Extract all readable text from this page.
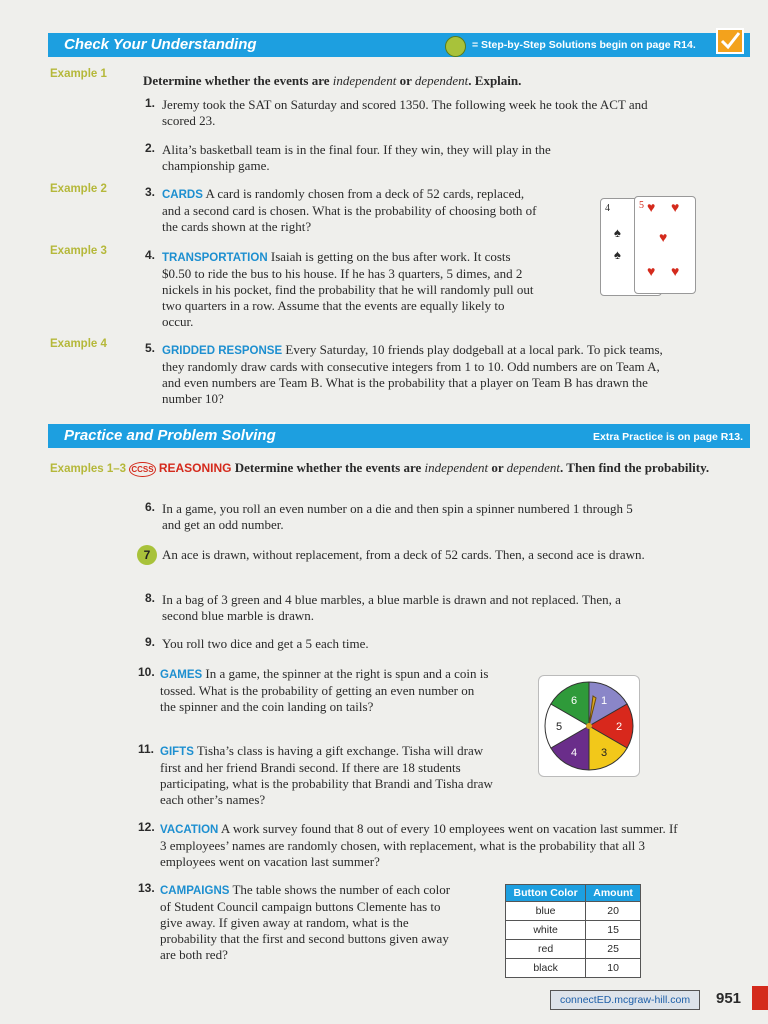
Check Your Understanding	= Step-by-Step Solutions begin on page R14.
Example 1	Determine whether the events are independent or dependent. Explain.
1. Jeremy took the SAT on Saturday and scored 1350. The following week he took the ACT and scored 23.
2. Alita’s basketball team is in the final four. If they win, they will play in the championship game.
Example 2	3. CARDS A card is randomly chosen from a deck of 52 cards, replaced, and a second card is chosen. What is the probability of choosing both of the cards shown at the right?
4
♠
♠
5 ♥ ♥
♥
♥ ♥
Example 3	4. TRANSPORTATION Isaiah is getting on the bus after work. It costs $0.50 to ride the bus to his house. If he has 3 quarters, 5 dimes, and 2 nickels in his pocket, find the probability that he will randomly pull out two quarters in a row. Assume that the events are equally likely to occur.
Example 4	5. GRIDDED RESPONSE Every Saturday, 10 friends play dodgeball at a local park. To pick teams, they randomly draw cards with consecutive integers from 1 to 10. Odd numbers are on Team A, and even numbers are Team B. What is the probability that a player on Team B has drawn the number 10?
Practice and Problem Solving	Extra Practice is on page R13.
Examples 1–3 CCSS REASONING Determine whether the events are independent or dependent. Then find the probability.
6. In a game, you roll an even number on a die and then spin a spinner numbered 1 through 5 and get an odd number.
7 An ace is drawn, without replacement, from a deck of 52 cards. Then, a second ace is drawn.
8. In a bag of 3 green and 4 blue marbles, a blue marble is drawn and not replaced. Then, a second blue marble is drawn.
9. You roll two dice and get a 5 each time.
10. GAMES In a game, the spinner at the right is spun and a coin is tossed. What is the probability of getting an even number on the spinner and the coin landing on tails?	1
2
3
4
5
6
11. GIFTS Tisha’s class is having a gift exchange. Tisha will draw first and her friend Brandi second. If there are 18 students participating, what is the probability that Brandi and Tisha draw each other’s names?
12. VACATION A work survey found that 8 out of every 10 employees went on vacation last summer. If 3 employees’ names are randomly chosen, with replacement, what is the probability that all 3 employees went on vacation last summer?
13. CAMPAIGNS The table shows the number of each color of Student Council campaign buttons Clemente has to give away. If given away at random, what is the probability that the first and second buttons given away are both red?
Button Color	Amount
blue	20
white	15
red	25
black	10
connectED.mcgraw-hill.com	951
